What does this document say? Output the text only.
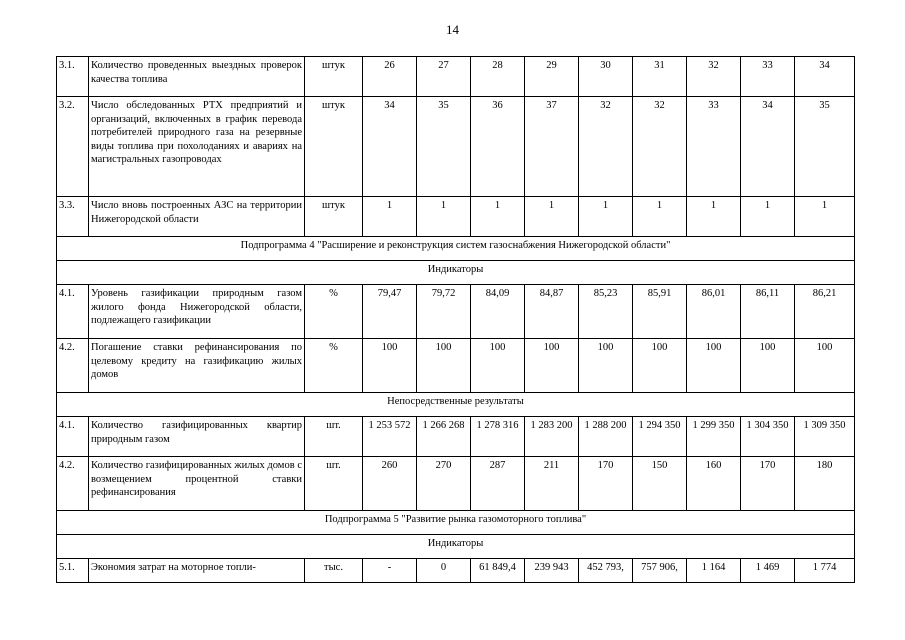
14
3.1.	Количество проведенных выездных проверок качества топлива	штук	26	27	28	29	30	31	32	33	34
3.2.	Число обследованных РТХ предприятий и организаций, включенных в график перевода потребителей природного газа на резервные виды топлива при похолоданиях и авариях на магистральных газопроводах	штук	34	35	36	37	32	32	33	34	35
3.3.	Число вновь построенных АЗС на территории Нижегородской области	штук	1	1	1	1	1	1	1	1	1
Подпрограмма 4 "Расширение и реконструкция систем газоснабжения Нижегородской области"											
Индикаторы											
4.1.	Уровень газификации природным газом жилого фонда Нижегородской области, подлежащего газификации	%	79,47	79,72	84,09	84,87	85,23	85,91	86,01	86,11	86,21
4.2.	Погашение ставки рефинансирования по целевому кредиту на газификацию жилых домов	%	100	100	100	100	100	100	100	100	100
Непосредственные результаты											
4.1.	Количество газифицированных квартир природным газом	шт.	1 253 572	1 266 268	1 278 316	1 283 200	1 288 200	1 294 350	1 299 350	1 304 350	1 309 350
4.2.	Количество газифицированных жилых домов с возмещением процентной ставки рефинансирования	шт.	260	270	287	211	170	150	160	170	180
Подпрограмма 5 "Развитие рынка газомоторного топлива"											
Индикаторы											
5.1.	Экономия затрат на моторное топли-	тыс.	-	0	61 849,4	239 943	452 793,	757 906,	1 164	1 469	1 774
